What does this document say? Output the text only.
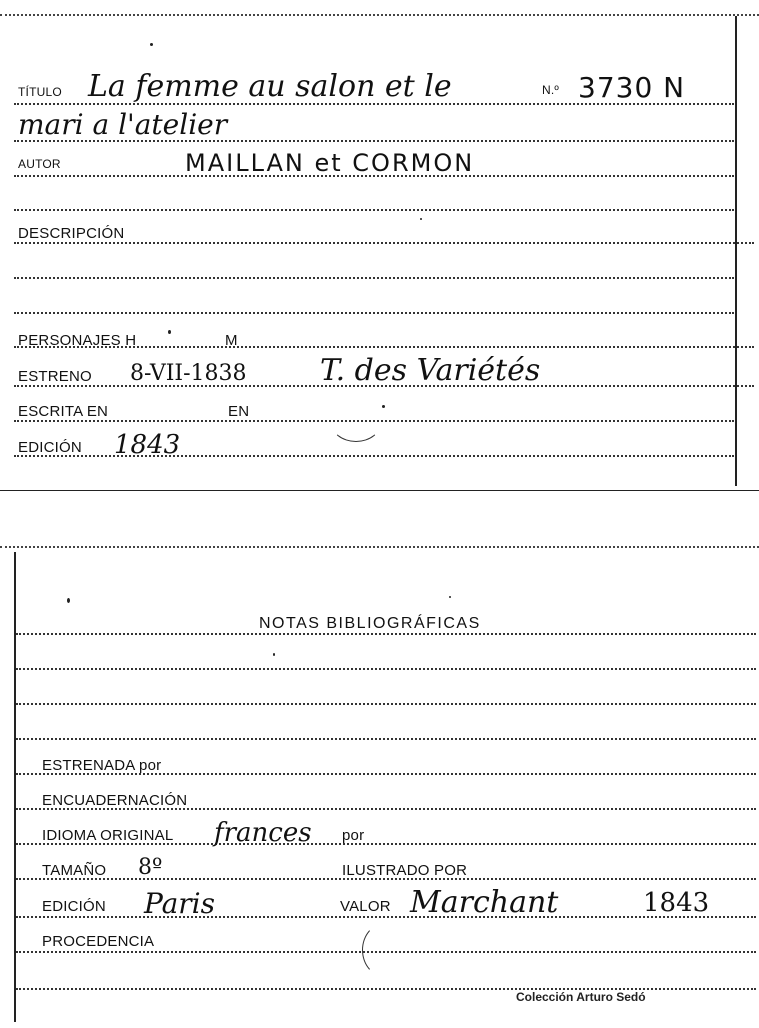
TÍTULO La femme au salon et le	N.º 3730 N
mari a l'atelier
AUTOR	MAILLAN et CORMON
DESCRIPCIÓN
PERSONAJES H	M
ESTRENO 8-VII-1838 T. des Variétés
ESCRITA EN	EN
EDICIÓN 1843
NOTAS BIBLIOGRÁFICAS
ESTRENADA por
ENCUADERNACIÓN
IDIOMA ORIGINAL frances por
TAMAÑO 8º	ILUSTRADO POR
EDICIÓN Paris	VALOR Marchant	1843
PROCEDENCIA
Colección Arturo Sedó
